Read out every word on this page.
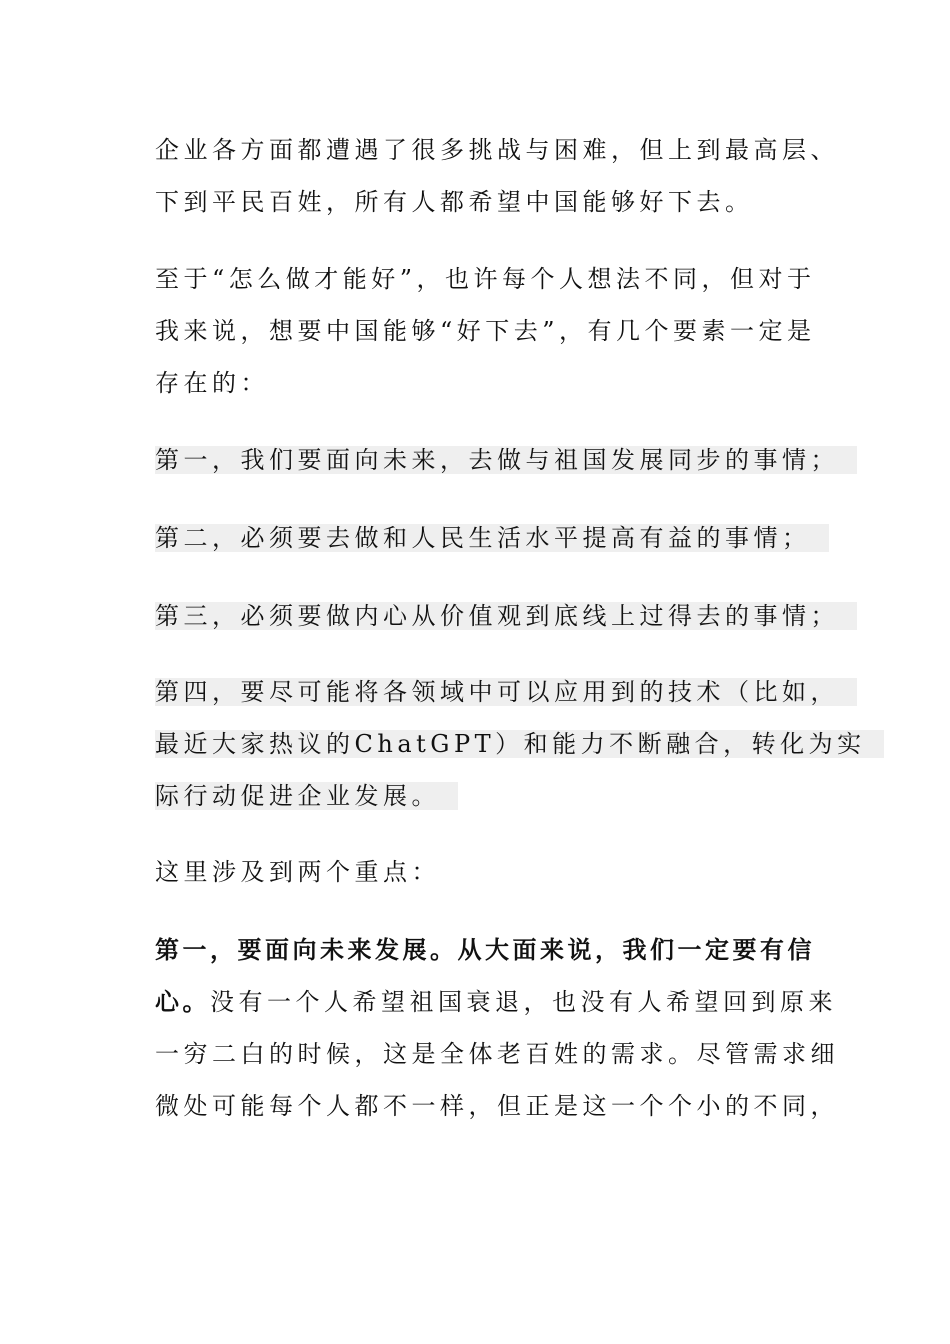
企业各方面都遭遇了很多挑战与困难，但上到最高层、
下到平民百姓，所有人都希望中国能够好下去。

至于“怎么做才能好”，也许每个人想法不同，但对于
我来说，想要中国能够“好下去”，有几个要素一定是
存在的：

第一，我们要面向未来，去做与祖国发展同步的事情；

第二，必须要去做和人民生活水平提高有益的事情；

第三，必须要做内心从价值观到底线上过得去的事情；

第四，要尽可能将各领域中可以应用到的技术（比如，
最近大家热议的ChatGPT）和能力不断融合，转化为实
际行动促进企业发展。

这里涉及到两个重点：

第一，要面向未来发展。从大面来说，我们一定要有信
心。没有一个人希望祖国衰退，也没有人希望回到原来
一穷二白的时候，这是全体老百姓的需求。尽管需求细
微处可能每个人都不一样，但正是这一个个小的不同，
